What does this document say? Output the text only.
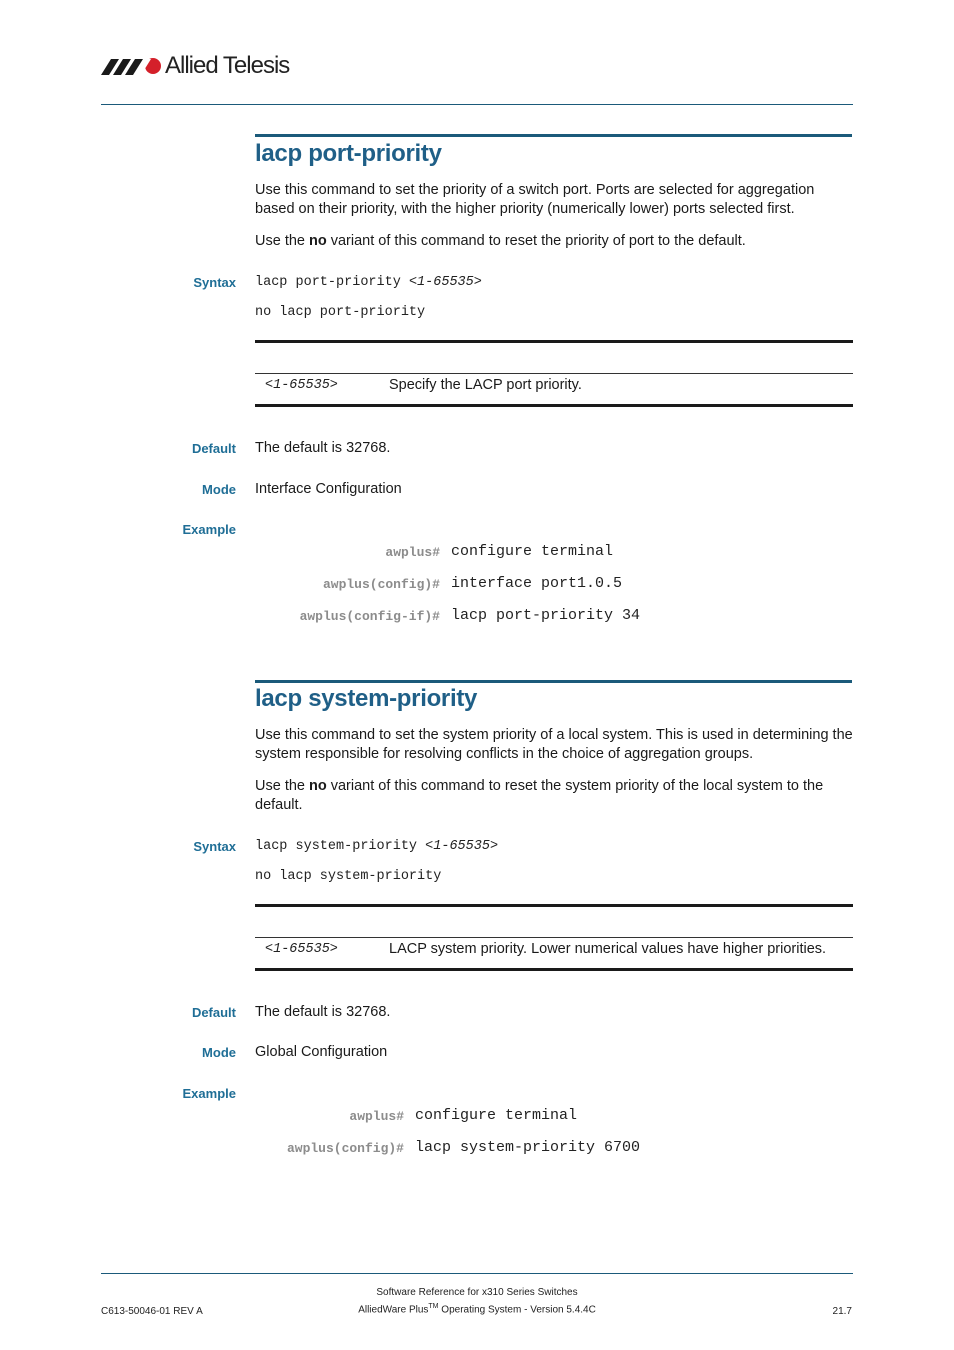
Allied Telesis
lacp port-priority
Use this command to set the priority of a switch port. Ports are selected for aggregation based on their priority, with the higher priority (numerically lower) ports selected first.
Use the no variant of this command to reset the priority of port to the default.
Syntax lacp port-priority <1-65535>
no lacp port-priority
<1-65535>	Specify the LACP port priority.
Default The default is 32768.
Mode Interface Configuration
Example
awplus# configure terminal
awplus(config)# interface port1.0.5
awplus(config-if)# lacp port-priority 34
lacp system-priority
Use this command to set the system priority of a local system. This is used in determining the system responsible for resolving conflicts in the choice of aggregation groups.
Use the no variant of this command to reset the system priority of the local system to the default.
Syntax lacp system-priority <1-65535>
no lacp system-priority
<1-65535>	LACP system priority. Lower numerical values have higher priorities.
Default The default is 32768.
Mode Global Configuration
Example
awplus# configure terminal
awplus(config)# lacp system-priority 6700
C613-50046-01 REV A
Software Reference for x310 Series Switches
AlliedWare Plus™ Operating System - Version 5.4.4C	21.7
